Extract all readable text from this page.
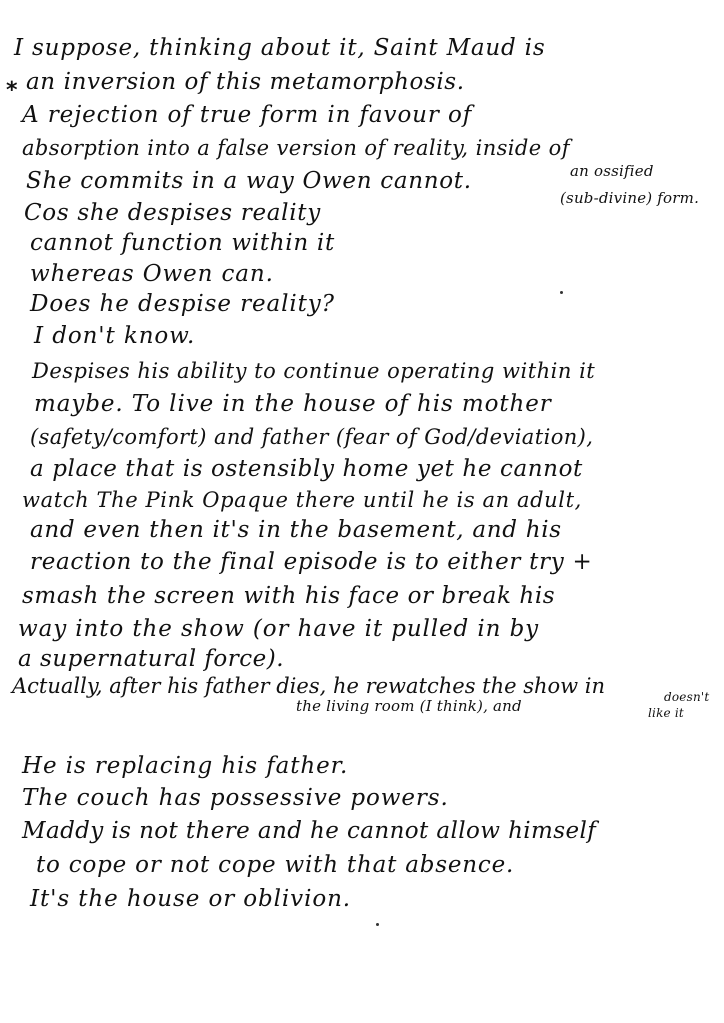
⁎
I suppose, thinking about it, Saint Maud is
an inversion of this metamorphosis.
A rejection of true form in favour of
absorption into a false version of reality, inside of
She commits in a way Owen cannot.	an ossified
(sub-divine) form.
Cos she despises reality
cannot function within it
whereas Owen can.
Does he despise reality?
I don't know.
Despises his ability to continue operating within it
maybe. To live in the house of his mother
(safety/comfort) and father (fear of God/deviation),
a place that is ostensibly home yet he cannot
watch The Pink Opaque there until he is an adult,
and even then it's in the basement, and his
reaction to the final episode is to either try +
smash the screen with his face or break his
way into the show (or have it pulled in by
a supernatural force).
Actually, after his father dies, he rewatches the show in
the living room (I think), and	doesn't
like it
He is replacing his father.
The couch has possessive powers.
Maddy is not there and he cannot allow himself
to cope or not cope with that absence.
It's the house or oblivion.
